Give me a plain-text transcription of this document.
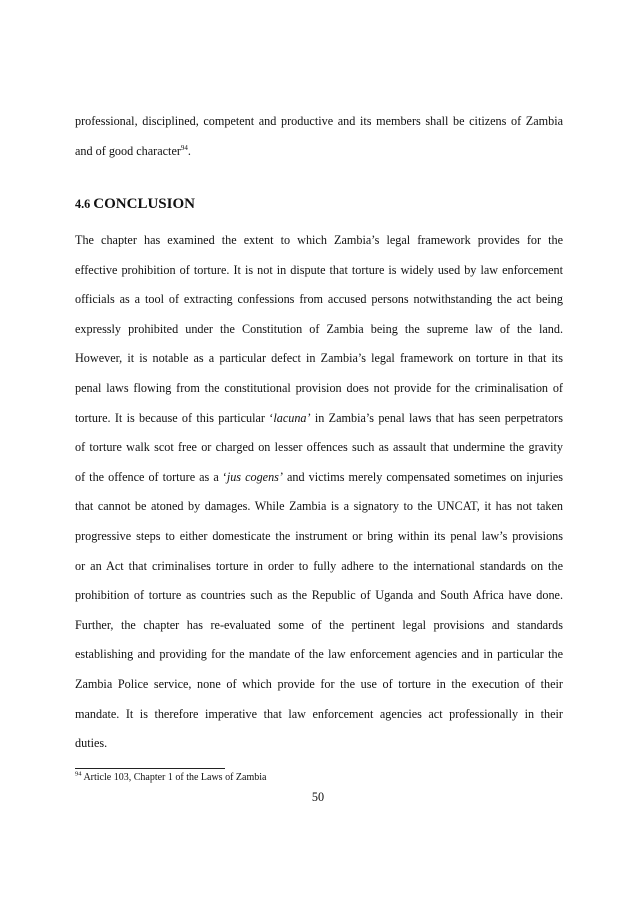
professional, disciplined, competent and productive and its members shall be citizens of Zambia
and of good character$^{94}$.
4.6 CONCLUSION
The chapter has examined the extent to which Zambia’s legal framework provides for the
effective prohibition of torture. It is not in dispute that torture is widely used by law enforcement
officials as a tool of extracting confessions from accused persons notwithstanding the act being
expressly prohibited under the Constitution of Zambia being the supreme law of the land.
However, it is notable as a particular defect in Zambia’s legal framework on torture in that its
penal laws flowing from the constitutional provision does not provide for the criminalisation of
torture. It is because of this particular ‘lacuna’ in Zambia’s penal laws that has seen perpetrators
of torture walk scot free or charged on lesser offences such as assault that undermine the gravity
of the offence of torture as a ‘jus cogens’ and victims merely compensated sometimes on injuries
that cannot be atoned by damages. While Zambia is a signatory to the UNCAT, it has not taken
progressive steps to either domesticate the instrument or bring within its penal law’s provisions
or an Act that criminalises torture in order to fully adhere to the international standards on the
prohibition of torture as countries such as the Republic of Uganda and South Africa have done.
Further, the chapter has re-evaluated some of the pertinent legal provisions and standards
establishing and providing for the mandate of the law enforcement agencies and in particular the
Zambia Police service, none of which provide for the use of torture in the execution of their
mandate. It is therefore imperative that law enforcement agencies act professionally in their
duties.
$^{94}$ Article 103, Chapter 1 of the Laws of Zambia
50
